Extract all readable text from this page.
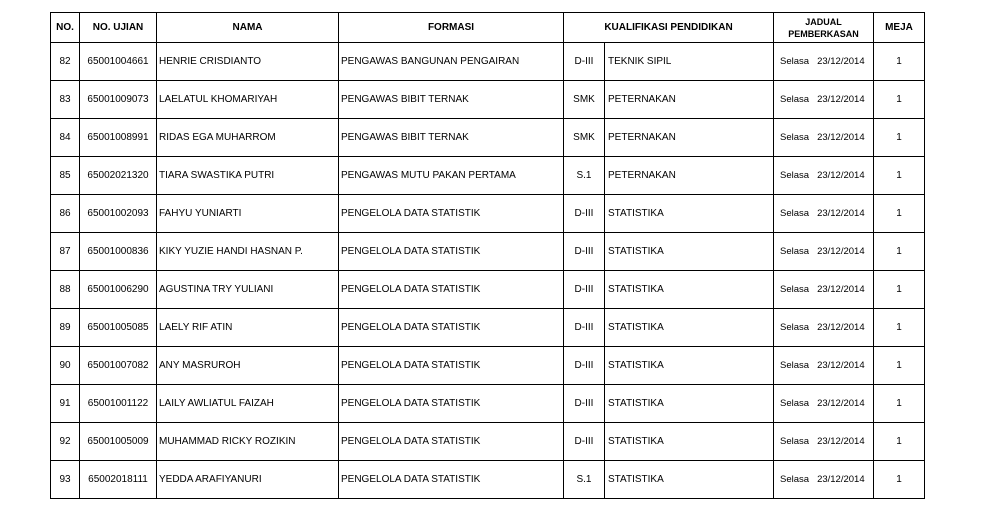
NO.	NO. UJIAN	NAMA	FORMASI	KUALIFIKASI PENDIDIKAN	JADUAL PEMBERKASAN	MEJA
82	65001004661	HENRIE CRISDIANTO	PENGAWAS BANGUNAN PENGAIRAN	D-III TEKNIK SIPIL	Selasa 23/12/2014	1
83	65001009073	LAELATUL KHOMARIYAH	PENGAWAS BIBIT TERNAK	SMK PETERNAKAN	Selasa 23/12/2014	1
84	65001008991	RIDAS EGA MUHARROM	PENGAWAS BIBIT TERNAK	SMK PETERNAKAN	Selasa 23/12/2014	1
85	65002021320	TIARA SWASTIKA PUTRI	PENGAWAS MUTU PAKAN PERTAMA	S.1 PETERNAKAN	Selasa 23/12/2014	1
86	65001002093	FAHYU YUNIARTI	PENGELOLA DATA STATISTIK	D-III STATISTIKA	Selasa 23/12/2014	1
87	65001000836	KIKY YUZIE HANDI HASNAN P.	PENGELOLA DATA STATISTIK	D-III STATISTIKA	Selasa 23/12/2014	1
88	65001006290	AGUSTINA TRY YULIANI	PENGELOLA DATA STATISTIK	D-III STATISTIKA	Selasa 23/12/2014	1
89	65001005085	LAELY RIF ATIN	PENGELOLA DATA STATISTIK	D-III STATISTIKA	Selasa 23/12/2014	1
90	65001007082	ANY MASRUROH	PENGELOLA DATA STATISTIK	D-III STATISTIKA	Selasa 23/12/2014	1
91	65001001122	LAILY AWLIATUL FAIZAH	PENGELOLA DATA STATISTIK	D-III STATISTIKA	Selasa 23/12/2014	1
92	65001005009	MUHAMMAD RICKY ROZIKIN	PENGELOLA DATA STATISTIK	D-III STATISTIKA	Selasa 23/12/2014	1
93	65002018111	YEDDA ARAFIYANURI	PENGELOLA DATA STATISTIK	S.1 STATISTIKA	Selasa 23/12/2014	1
